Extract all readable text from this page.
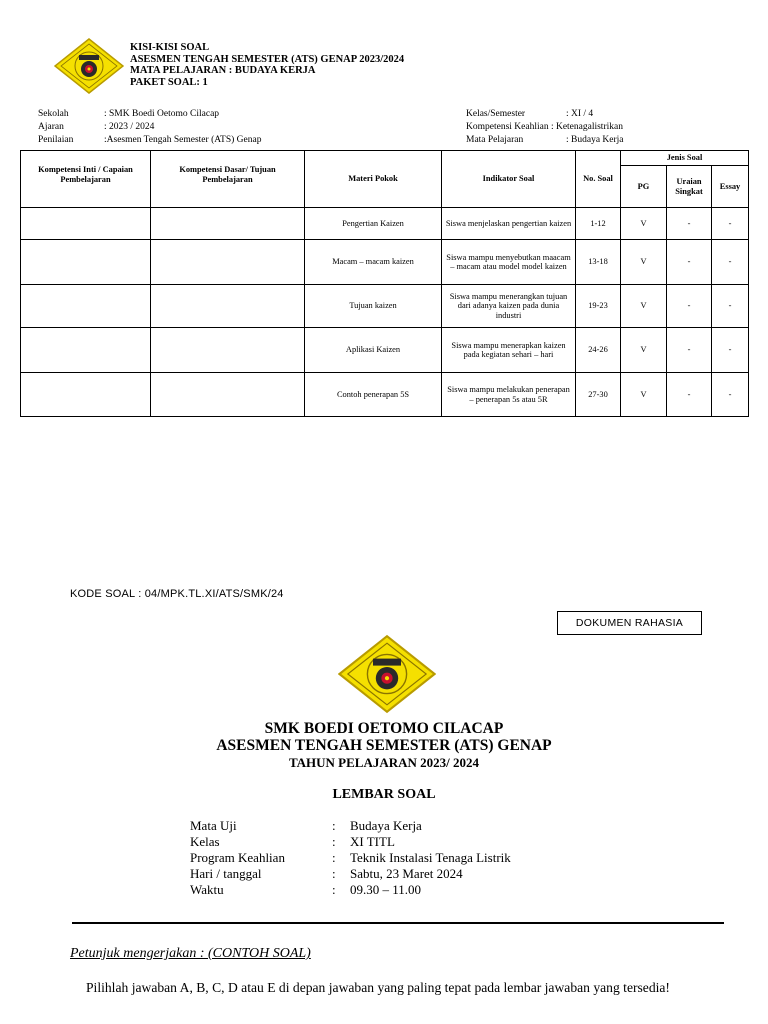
KISI-KISI SOAL
ASESMEN TENGAH SEMESTER (ATS) GENAP 2023/2024
MATA PELAJARAN : BUDAYA KERJA
PAKET SOAL: 1
Sekolah	: SMK Boedi Oetomo Cilacap
Ajaran	: 2023 / 2024
Penilaian	:Asesmen Tengah Semester (ATS) Genap
Kelas/Semester	: XI / 4
Kompetensi Keahlian
: Ketenagalistrikan
Mata Pelajaran	: Budaya Kerja
Kompetensi Inti / Capaian Pembelajaran	Kompetensi Dasar/ Tujuan Pembelajaran	Materi Pokok	Indikator Soal	No. Soal	Jenis Soal		
					PG	Uraian Singkat	Essay
		Pengertian Kaizen	Siswa menjelaskan pengertian kaizen	1-12	V	-	-
		Macam – macam kaizen	Siswa mampu menyebutkan maacam – macam atau model model kaizen	13-18	V	-	-
		Tujuan kaizen	Siswa mampu menerangkan tujuan dari adanya kaizen pada dunia industri	19-23	V	-	-
		Aplikasi Kaizen	Siswa mampu menerapkan kaizen pada kegiatan sehari – hari	24-26	V	-	-
		Contoh penerapan 5S	Siswa mampu melakukan penerapan – penerapan 5s atau 5R	27-30	V	-	-
KODE SOAL : 04/MPK.TL.XI/ATS/SMK/24
DOKUMEN RAHASIA
SMK BOEDI OETOMO CILACAP
ASESMEN TENGAH SEMESTER (ATS) GENAP
TAHUN PELAJARAN 2023/ 2024
LEMBAR SOAL
Mata Uji	:	Budaya Kerja
Kelas	:	XI TITL
Program Keahlian	:	Teknik Instalasi Tenaga Listrik
Hari / tanggal	:	Sabtu, 23 Maret 2024
Waktu	:	09.30 – 11.00
Petunjuk mengerjakan : (CONTOH SOAL)
Pilihlah jawaban A, B, C, D atau E di depan jawaban yang paling tepat pada lembar jawaban yang tersedia!
